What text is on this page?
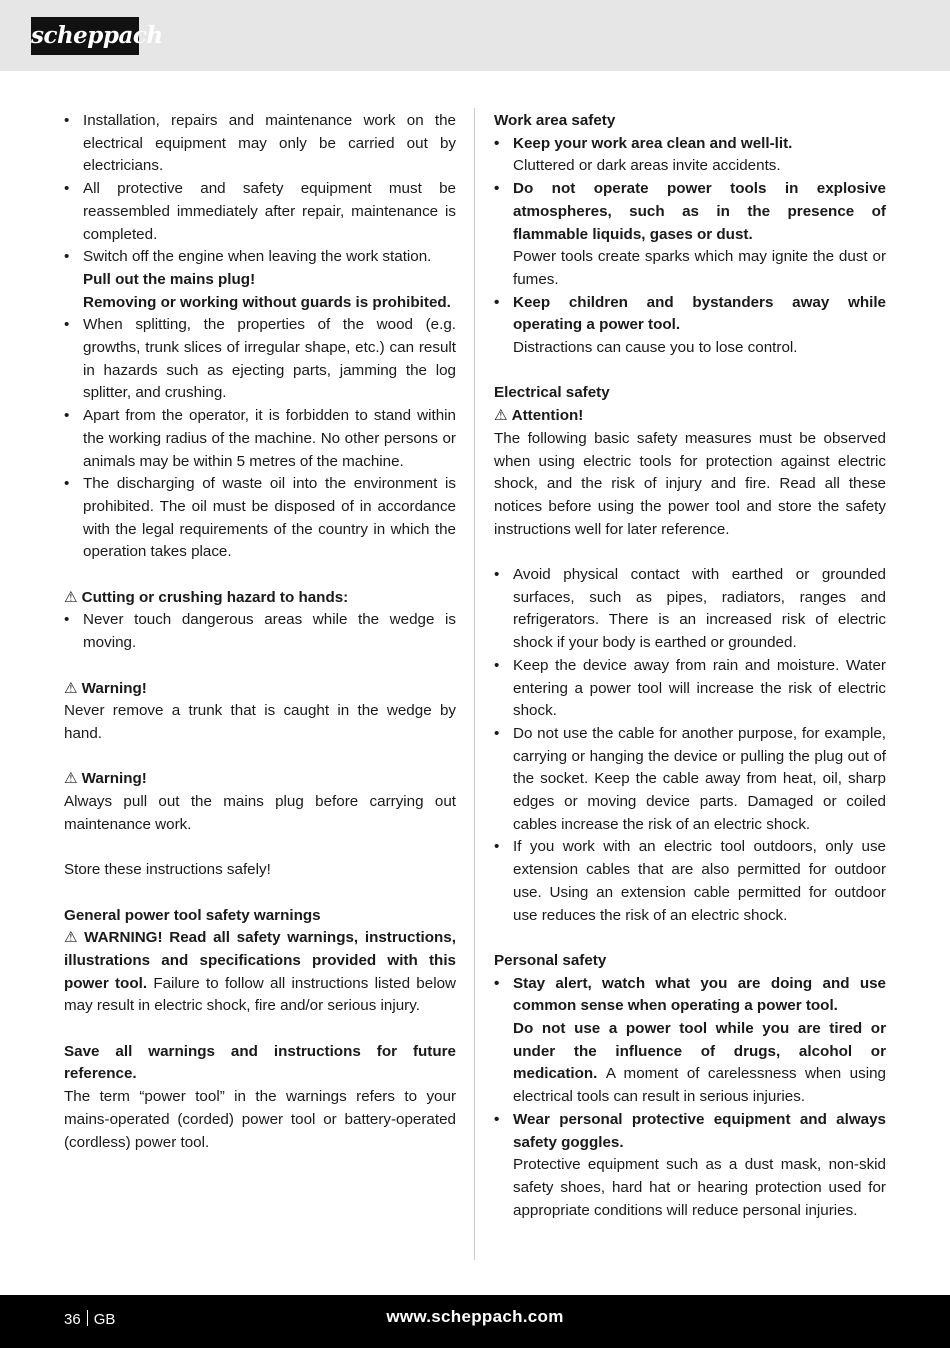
scheppach
• Installation, repairs and maintenance work on the electrical equipment may only be carried out by electricians.
• All protective and safety equipment must be reassembled immediately after repair, maintenance is completed.
• Switch off the engine when leaving the work station.
Pull out the mains plug!
Removing or working without guards is prohibited.
• When splitting, the properties of the wood (e.g. growths, trunk slices of irregular shape, etc.) can result in hazards such as ejecting parts, jamming the log splitter, and crushing.
• Apart from the operator, it is forbidden to stand within the working radius of the machine. No other persons or animals may be within 5 metres of the machine.
• The discharging of waste oil into the environment is prohibited. The oil must be disposed of in accordance with the legal requirements of the country in which the operation takes place.

⚠ Cutting or crushing hazard to hands:

• Never touch dangerous areas while the wedge is moving.

⚠ Warning!

Never remove a trunk that is caught in the wedge by hand.

⚠ Warning!

Always pull out the mains plug before carrying out maintenance work.

Store these instructions safely!

General power tool safety warnings

⚠ WARNING! Read all safety warnings, instructions, illustrations and specifications provided with this power tool. Failure to follow all instructions listed below may result in electric shock, fire and/or serious injury.

Save all warnings and instructions for future reference.

The term “power tool” in the warnings refers to your mains-operated (corded) power tool or battery-operated (cordless) power tool.

Work area safety

• Keep your work area clean and well-lit.
Cluttered or dark areas invite accidents.
• Do not operate power tools in explosive atmospheres, such as in the presence of flammable liquids, gases or dust.
Power tools create sparks which may ignite the dust or fumes.
• Keep children and bystanders away while operating a power tool.
Distractions can cause you to lose control.

Electrical safety

⚠ Attention!

The following basic safety measures must be observed when using electric tools for protection against electric shock, and the risk of injury and fire. Read all these notices before using the power tool and store the safety instructions well for later reference.

• Avoid physical contact with earthed or grounded surfaces, such as pipes, radiators, ranges and refrigerators. There is an increased risk of electric shock if your body is earthed or grounded.
• Keep the device away from rain and moisture. Water entering a power tool will increase the risk of electric shock.
• Do not use the cable for another purpose, for example, carrying or hanging the device or pulling the plug out of the socket. Keep the cable away from heat, oil, sharp edges or moving device parts. Damaged or coiled cables increase the risk of an electric shock.
• If you work with an electric tool outdoors, only use extension cables that are also permitted for outdoor use. Using an extension cable permitted for outdoor use reduces the risk of an electric shock.

Personal safety

• Stay alert, watch what you are doing and use common sense when operating a power tool.
Do not use a power tool while you are tired or under the influence of drugs, alcohol or medication. A moment of carelessness when using electrical tools can result in serious injuries.
• Wear personal protective equipment and always safety goggles.
Protective equipment such as a dust mask, non-skid safety shoes, hard hat or hearing protection used for appropriate conditions will reduce personal injuries.
36 GB	www.scheppach.com
